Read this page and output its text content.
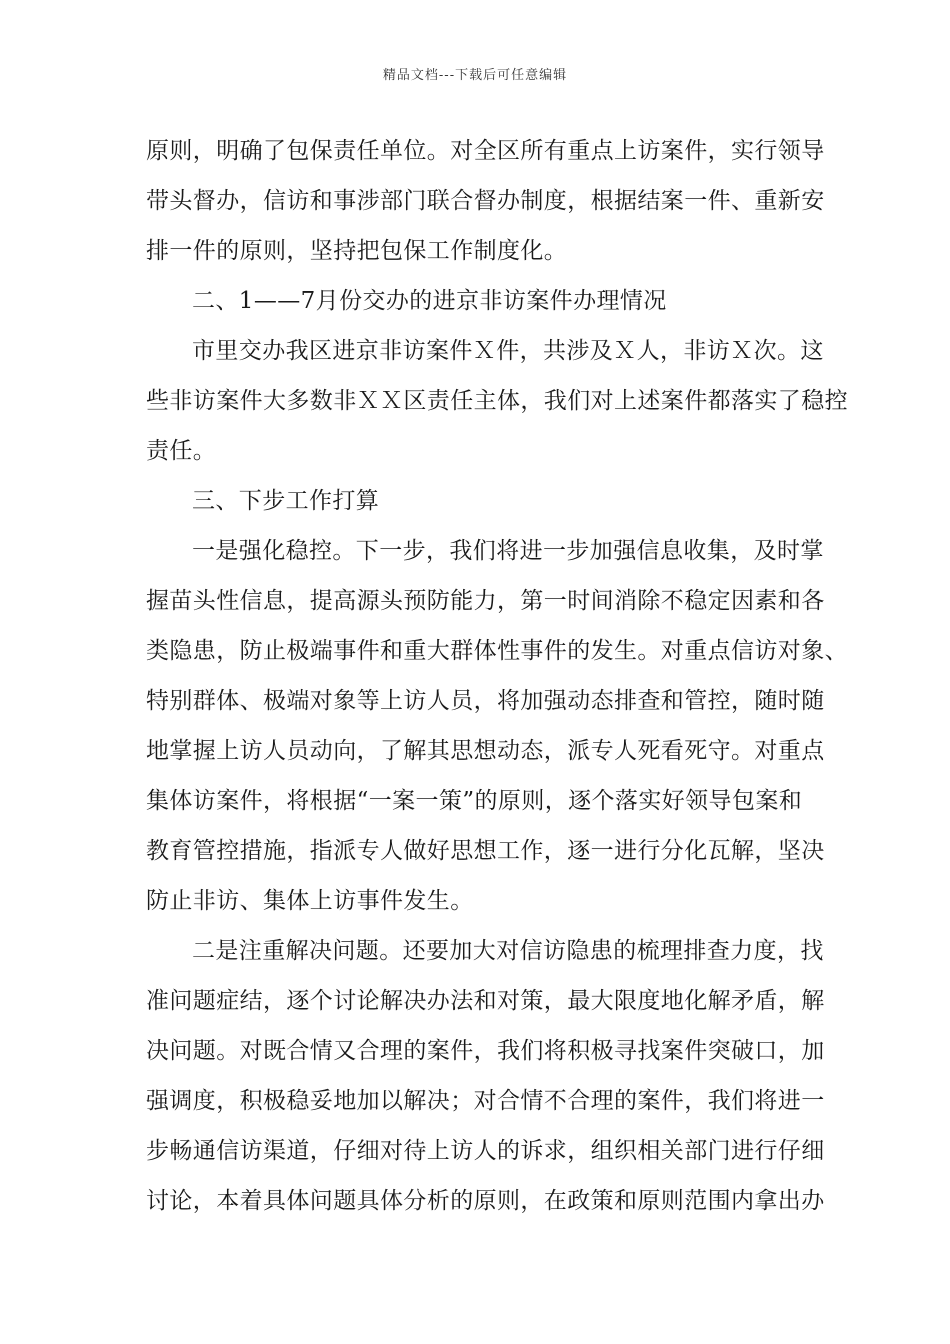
精品文档---下载后可任意编辑
原则，明确了包保责任单位。对全区所有重点上访案件，实行领导
带头督办，信访和事涉部门联合督办制度，根据结案一件、重新安
排一件的原则，坚持把包保工作制度化。
二、1——7月份交办的进京非访案件办理情况
市里交办我区进京非访案件Ｘ件，共涉及Ｘ人，非访Ｘ次。这
些非访案件大多数非ＸＸ区责任主体，我们对上述案件都落实了稳控
责任。
三、下步工作打算
一是强化稳控。下一步，我们将进一步加强信息收集，及时掌
握苗头性信息，提高源头预防能力，第一时间消除不稳定因素和各
类隐患，防止极端事件和重大群体性事件的发生。对重点信访对象、
特别群体、极端对象等上访人员，将加强动态排查和管控，随时随
地掌握上访人员动向，了解其思想动态，派专人死看死守。对重点
集体访案件，将根据“一案一策”的原则，逐个落实好领导包案和
教育管控措施，指派专人做好思想工作，逐一进行分化瓦解，坚决
防止非访、集体上访事件发生。
二是注重解决问题。还要加大对信访隐患的梳理排查力度，找
准问题症结，逐个讨论解决办法和对策，最大限度地化解矛盾，解
决问题。对既合情又合理的案件，我们将积极寻找案件突破口，加
强调度，积极稳妥地加以解决；对合情不合理的案件，我们将进一
步畅通信访渠道，仔细对待上访人的诉求，组织相关部门进行仔细
讨论，本着具体问题具体分析的原则，在政策和原则范围内拿出办
